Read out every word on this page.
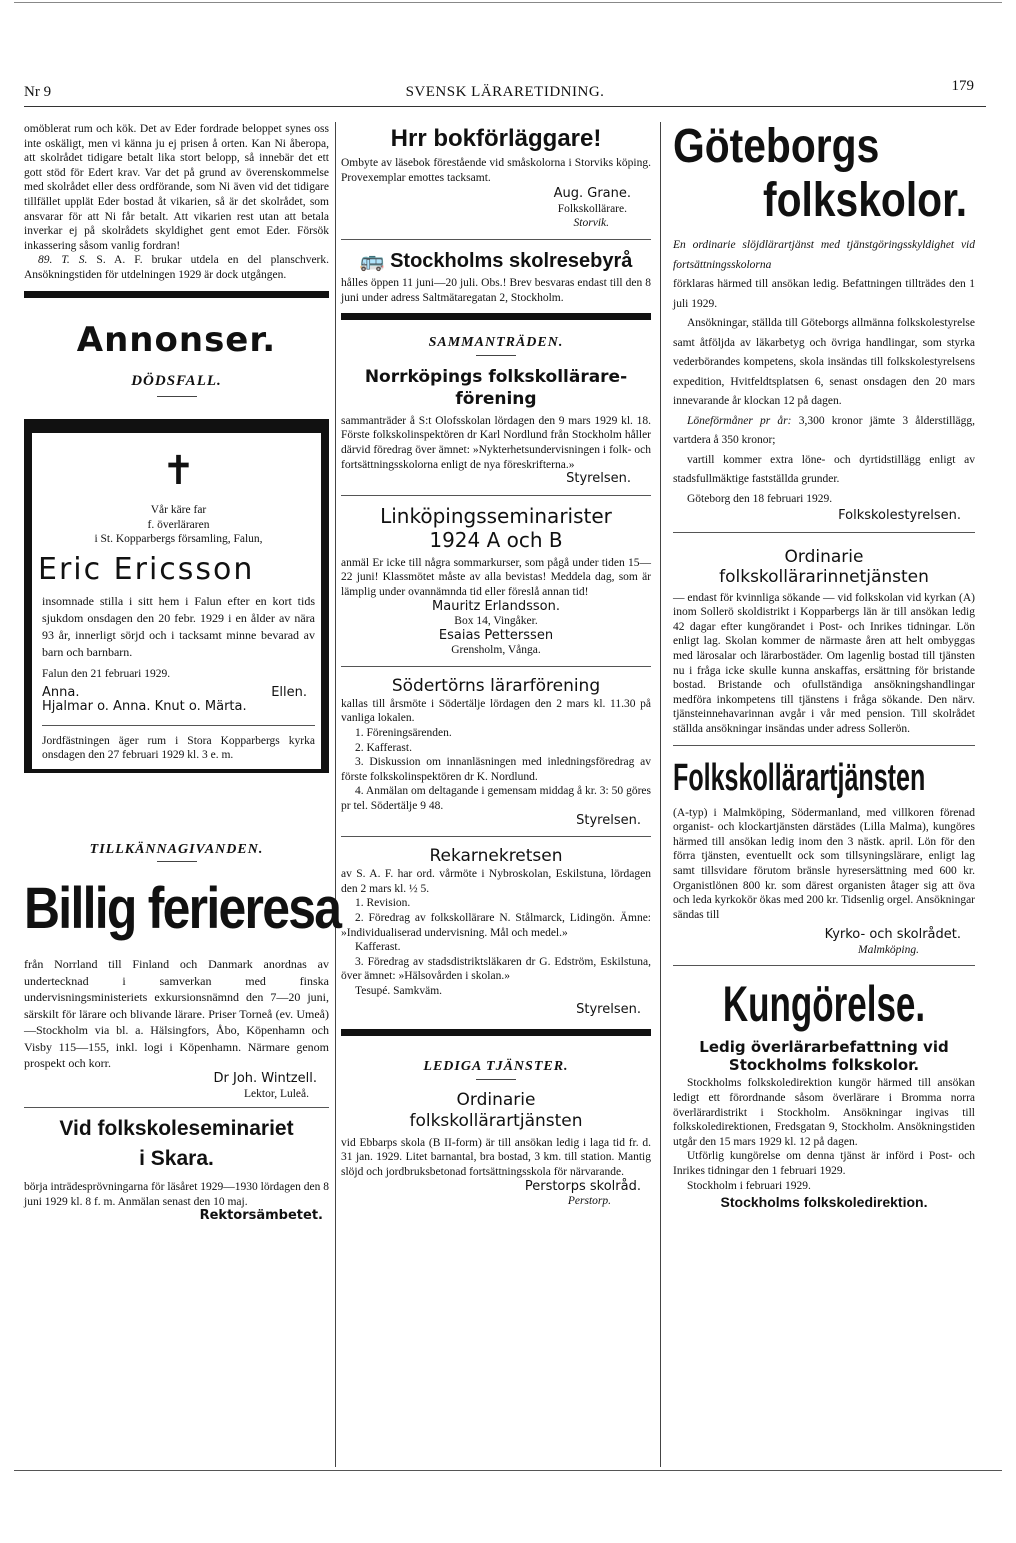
Nr 9	SVENSK LÄRARETIDNING.	179

omöblerat rum och kök. Det av Eder fordrade beloppet synes oss inte oskäligt, men vi känna ju ej prisen å orten. Kan Ni åberopa, att skolrådet tidigare betalt lika stort belopp, så innebär det ett gott stöd för Edert krav. Var det på grund av överenskommelse med skolrådet eller dess ordförande, som Ni även vid det tidigare tillfället upplät Eder bostad åt vikarien, så är det skolrådet, som ansvarar för att Ni får betalt. Att vikarien rest utan att betala inverkar ej på skolrådets skyldighet gent emot Eder. Försök inkassering såsom vanlig fordran!

89. T. S. S. A. F. brukar utdela en del planschverk. Ansökningstiden för utdelningen 1929 är dock utgången.

Annonser.
DÖDSFALL.
✝

Vår käre far

f. överläraren

i St. Kopparbergs församling, Falun,

Eric Ericsson

insomnade stilla i sitt hem i Falun efter en kort tids sjukdom onsdagen den 20 febr. 1929 i en ålder av nära 93 år, innerligt sörjd och i tacksamt minne bevarad av barn och barnbarn.

Falun den 21 februari 1929.

Anna.	Ellen.
Hjalmar o. Anna. Knut o. Märta.

Jordfästningen äger rum i Stora Kopparbergs kyrka onsdagen den 27 februari 1929 kl. 3 e. m.

TILLKÄNNAGIVANDEN.
Billig ferieresa

från Norrland till Finland och Danmark anordnas av undertecknad i samverkan med finska undervisningsministeriets exkursionsnämnd den 7—20 juni, särskilt för lärare och blivande lärare. Priser Torneå (ev. Umeå)—Stockholm via bl. a. Hälsingfors, Åbo, Köpenhamn och Visby 115—155, inkl. logi i Köpenhamn. Närmare genom prospekt och korr.

Dr Joh. Wintzell.

Lektor, Luleå.

Vid folkskoleseminariet
i Skara.

börja inträdesprövningarna för läsåret 1929—1930 lördagen den 8 juni 1929 kl. 8 f. m. Anmälan senast den 10 maj.

Rektorsämbetet.

Hrr bokförläggare!

Ombyte av läsebok förestående vid småskolorna i Storviks köping. Provexemplar emottes tacksamt.

Aug. Grane.

Folkskollärare.

Storvik.

🚌 Stockholms skolresebyrå

hålles öppen 11 juni—20 juli. Obs.! Brev besvaras endast till den 8 juni under adress Saltmätaregatan 2, Stockholm.

SAMMANTRÄDEN.
Norrköpings folkskollärare-förening

sammanträder å S:t Olofsskolan lördagen den 9 mars 1929 kl. 18. Förste folkskolinspektören dr Karl Nordlund från Stockholm håller därvid föredrag över ämnet: »Nykterhetsundervisningen i folk- och fortsättningsskolorna enligt de nya föreskrifterna.»

Styrelsen.

Linköpingsseminarister
1924 A och B

anmäl Er icke till några sommarkurser, som pågå under tiden 15—22 juni! Klassmötet måste av alla bevistas! Meddela dag, som är lämplig under ovannämnda tid eller föreslå annan tid!

Mauritz Erlandsson.

Box 14, Vingåker.

Esaias Petterssen

Grensholm, Vånga.

Södertörns lärarförening

kallas till årsmöte i Södertälje lördagen den 2 mars kl. 11.30 på vanliga lokalen.

1. Föreningsärenden.

2. Kafferast.

3. Diskussion om innanläsningen med inledningsföredrag av förste folkskolinspektören dr K. Nordlund.

4. Anmälan om deltagande i gemensam middag å kr. 3: 50 göres pr tel. Södertälje 9 48.

Styrelsen.

Rekarnekretsen

av S. A. F. har ord. vårmöte i Nybroskolan, Eskilstuna, lördagen den 2 mars kl. ½ 5.

1. Revision.

2. Föredrag av folkskollärare N. Stålmarck, Lidingön. Ämne: »Individualiserad undervisning. Mål och medel.»

Kafferast.

3. Föredrag av stadsdistriktsläkaren dr G. Edström, Eskilstuna, över ämnet: »Hälsovården i skolan.»

Tesupé. Samkväm.

Styrelsen.

LEDIGA TJÄNSTER.
Ordinarie
folkskollärartjänsten

vid Ebbarps skola (B II-form) är till ansökan ledig i laga tid fr. d. 31 jan. 1929. Litet barnantal, bra bostad, 3 km. till station. Mantig slöjd och jordbruksbetonad fortsättningsskola för närvarande.

Perstorps skolråd.

Perstorp.

Göteborgs
folkskolor.

En ordinarie slöjdlärartjänst med tjänstgöringsskyldighet vid fortsättningsskolorna

förklaras härmed till ansökan ledig. Befattningen tillträdes den 1 juli 1929.

Ansökningar, ställda till Göteborgs allmänna folkskolestyrelse samt åtföljda av läkarbetyg och övriga handlingar, som styrka vederbörandes kompetens, skola insändas till folkskolestyrelsens expedition, Hvitfeldtsplatsen 6, senast onsdagen den 20 mars innevarande år klockan 12 på dagen.

Löneförmåner pr år: 3,300 kronor jämte 3 ålderstillägg, vartdera å 350 kronor;

vartill kommer extra löne- och dyrtidstillägg enligt av stadsfullmäktige fastställda grunder.

Göteborg den 18 februari 1929.

Folkskolestyrelsen.

Ordinarie
folkskollärarinnetjänsten

— endast för kvinnliga sökande — vid folkskolan vid kyrkan (A) inom Sollerö skoldistrikt i Kopparbergs län är till ansökan ledig 42 dagar efter kungörandet i Post- och Inrikes tidningar. Lön enligt lag. Skolan kommer de närmaste åren att helt ombyggas med lärosalar och lärarbostäder. Om lagenlig bostad till tjänsten nu i fråga icke skulle kunna anskaffas, ersättning för bristande bostad. Bristande och ofullständiga ansökningshandlingar medföra inkompetens till tjänstens i fråga sökande. Den närv. tjänsteinnehavarinnan avgår i vår med pension. Till skolrådet ställda ansökningar insändas under adress Sollerön.

Folkskollärartjänsten

(A-typ) i Malmköping, Södermanland, med villkoren förenad organist- och klockartjänsten därstädes (Lilla Malma), kungöres härmed till ansökan ledig inom den 3 nästk. april. Lön för den förra tjänsten, eventuellt ock som tillsyningslärare, enligt lag samt tillsvidare förutom bränsle hyresersättning med 600 kr. Organistlönen 800 kr. som därest organisten åtager sig att öva och leda kyrkokör ökas med 200 kr. Tidsenlig orgel. Ansökningar sändas till

Kyrko- och skolrådet.

Malmköping.

Kungörelse.
Ledig överlärarbefattning vid
Stockholms folkskolor.

Stockholms folkskoledirektion kungör härmed till ansökan ledigt ett förordnande såsom överlärare i Bromma norra överlärardistrikt i Stockholm. Ansökningar ingivas till folkskoledirektionen, Fredsgatan 9, Stockholm. Ansökningstiden utgår den 15 mars 1929 kl. 12 på dagen.

Utförlig kungörelse om denna tjänst är införd i Post- och Inrikes tidningar den 1 februari 1929.

Stockholm i februari 1929.

Stockholms folkskoledirektion.
